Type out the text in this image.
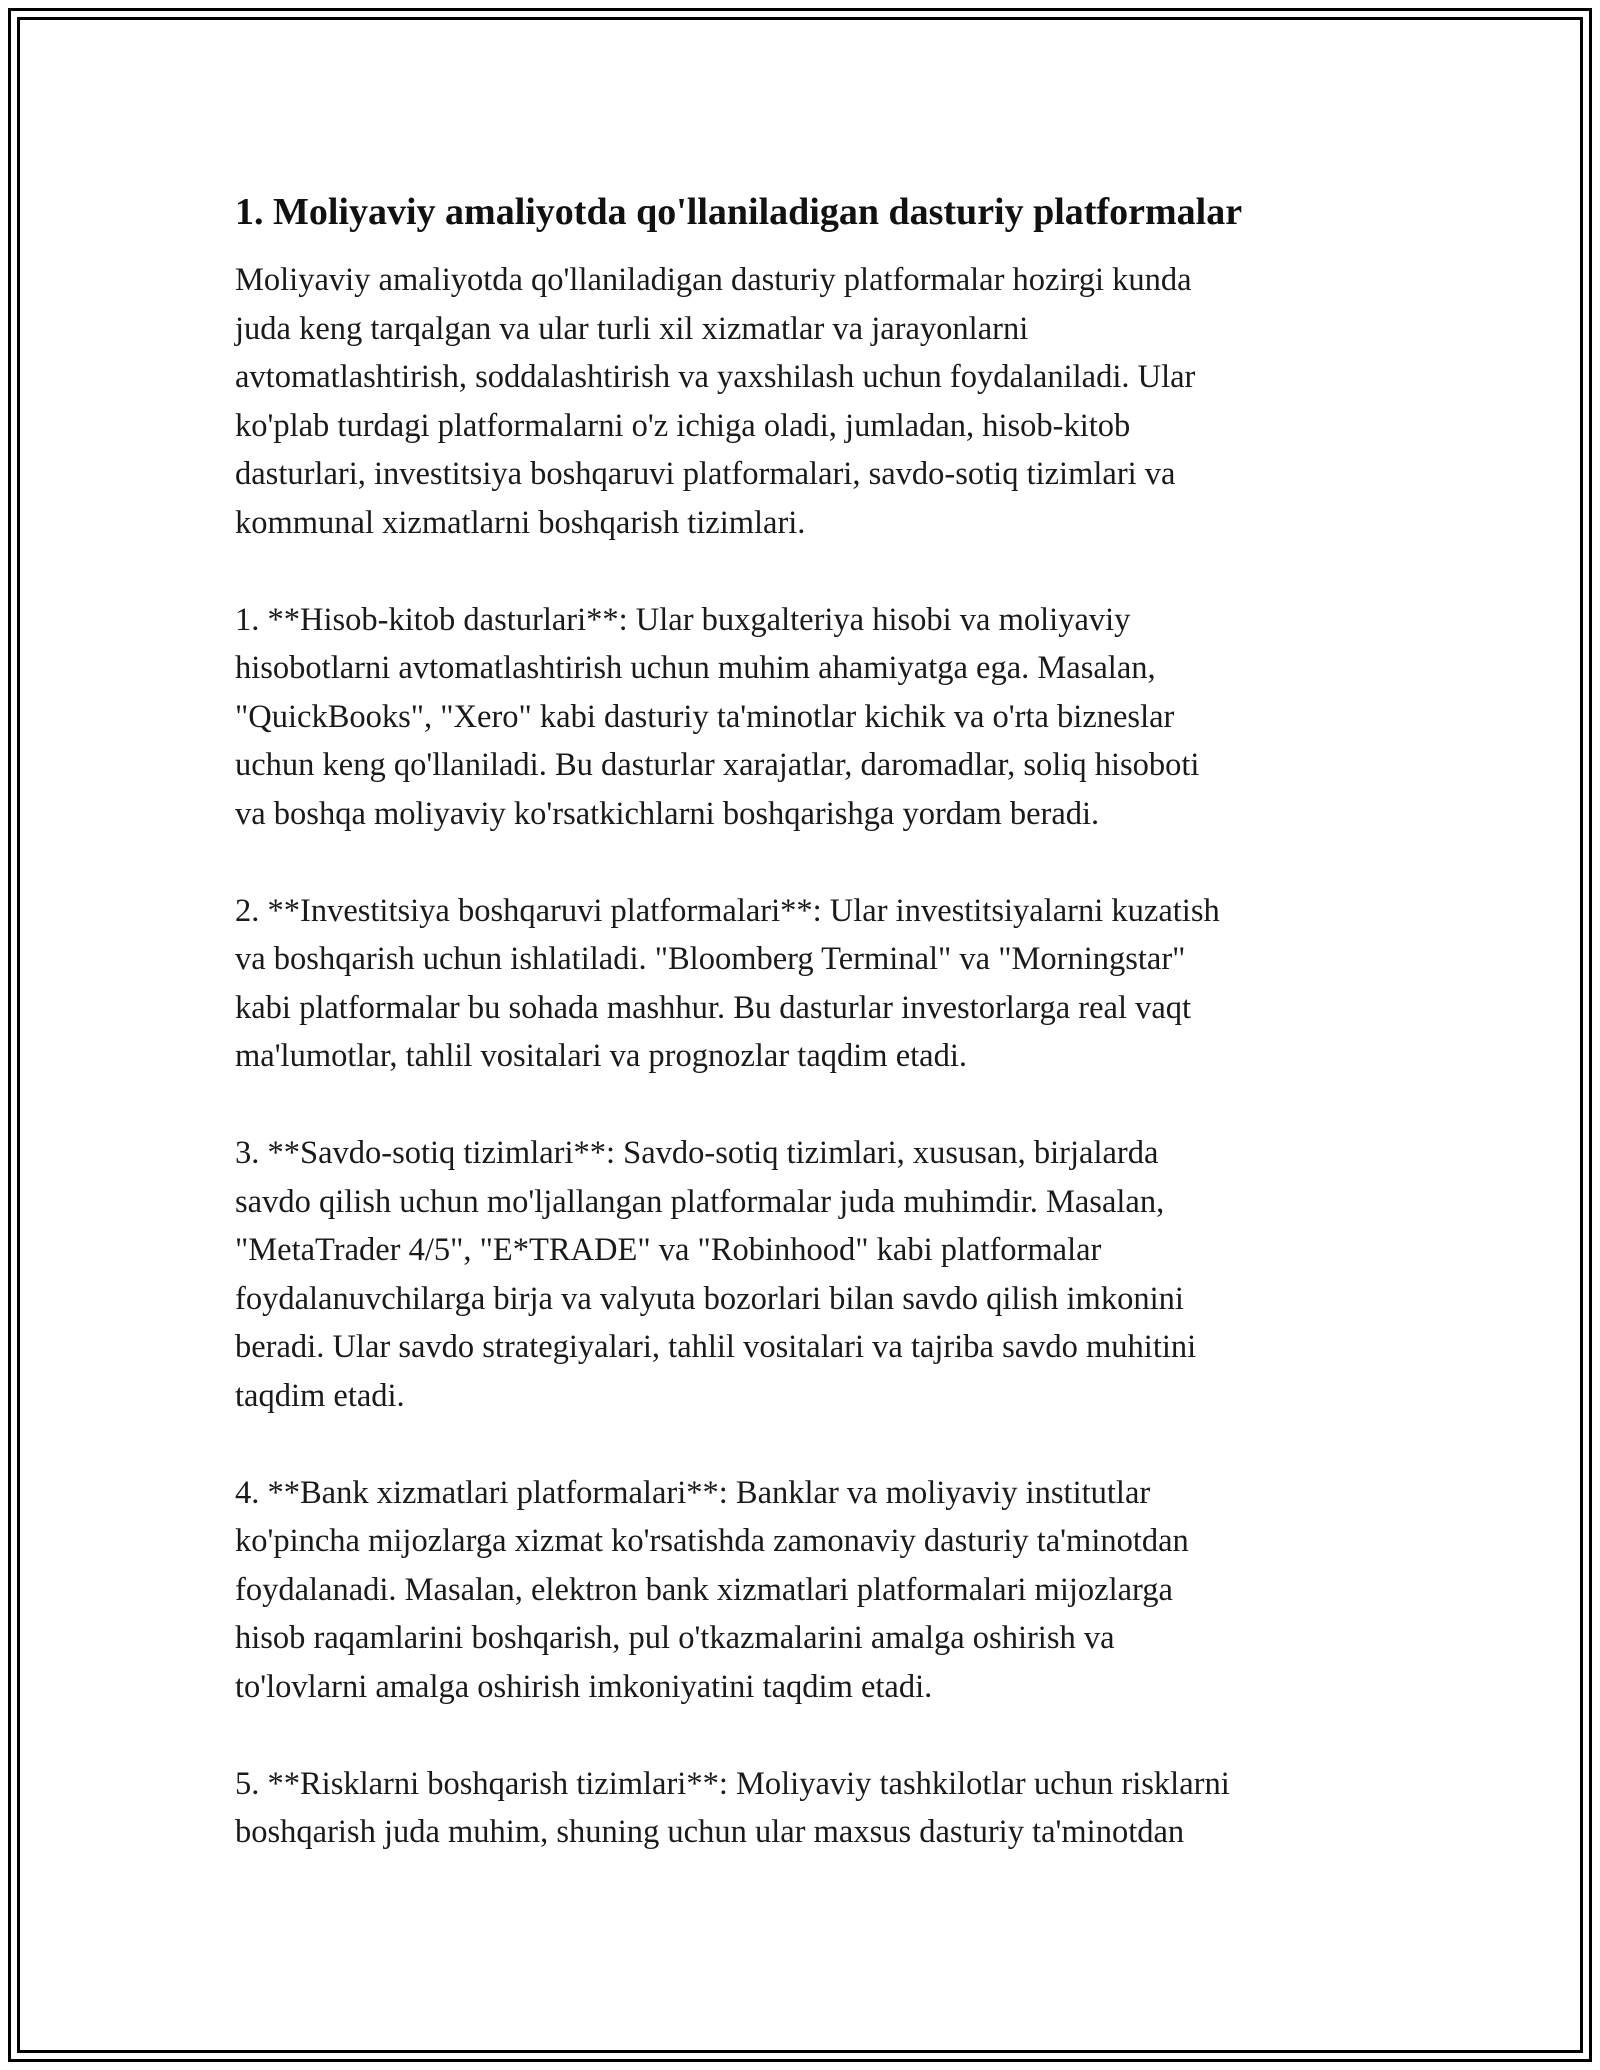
1. Moliyaviy amaliyotda qo'llaniladigan dasturiy platformalar
Moliyaviy amaliyotda qo'llaniladigan dasturiy platformalar hozirgi kunda
juda keng tarqalgan va ular turli xil xizmatlar va jarayonlarni
avtomatlashtirish, soddalashtirish va yaxshilash uchun foydalaniladi. Ular
ko'plab turdagi platformalarni o'z ichiga oladi, jumladan, hisob-kitob
dasturlari, investitsiya boshqaruvi platformalari, savdo-sotiq tizimlari va
kommunal xizmatlarni boshqarish tizimlari.
1. **Hisob-kitob dasturlari**: Ular buxgalteriya hisobi va moliyaviy
hisobotlarni avtomatlashtirish uchun muhim ahamiyatga ega. Masalan,
"QuickBooks", "Xero" kabi dasturiy ta'minotlar kichik va o'rta bizneslar
uchun keng qo'llaniladi. Bu dasturlar xarajatlar, daromadlar, soliq hisoboti
va boshqa moliyaviy ko'rsatkichlarni boshqarishga yordam beradi.
2. **Investitsiya boshqaruvi platformalari**: Ular investitsiyalarni kuzatish
va boshqarish uchun ishlatiladi. "Bloomberg Terminal" va "Morningstar"
kabi platformalar bu sohada mashhur. Bu dasturlar investorlarga real vaqt
ma'lumotlar, tahlil vositalari va prognozlar taqdim etadi.
3. **Savdo-sotiq tizimlari**: Savdo-sotiq tizimlari, xususan, birjalarda
savdo qilish uchun mo'ljallangan platformalar juda muhimdir. Masalan,
"MetaTrader 4/5", "E*TRADE" va "Robinhood" kabi platformalar
foydalanuvchilarga birja va valyuta bozorlari bilan savdo qilish imkonini
beradi. Ular savdo strategiyalari, tahlil vositalari va tajriba savdo muhitini
taqdim etadi.
4. **Bank xizmatlari platformalari**: Banklar va moliyaviy institutlar
ko'pincha mijozlarga xizmat ko'rsatishda zamonaviy dasturiy ta'minotdan
foydalanadi. Masalan, elektron bank xizmatlari platformalari mijozlarga
hisob raqamlarini boshqarish, pul o'tkazmalarini amalga oshirish va
to'lovlarni amalga oshirish imkoniyatini taqdim etadi.
5. **Risklarni boshqarish tizimlari**: Moliyaviy tashkilotlar uchun risklarni
boshqarish juda muhim, shuning uchun ular maxsus dasturiy ta'minotdan
